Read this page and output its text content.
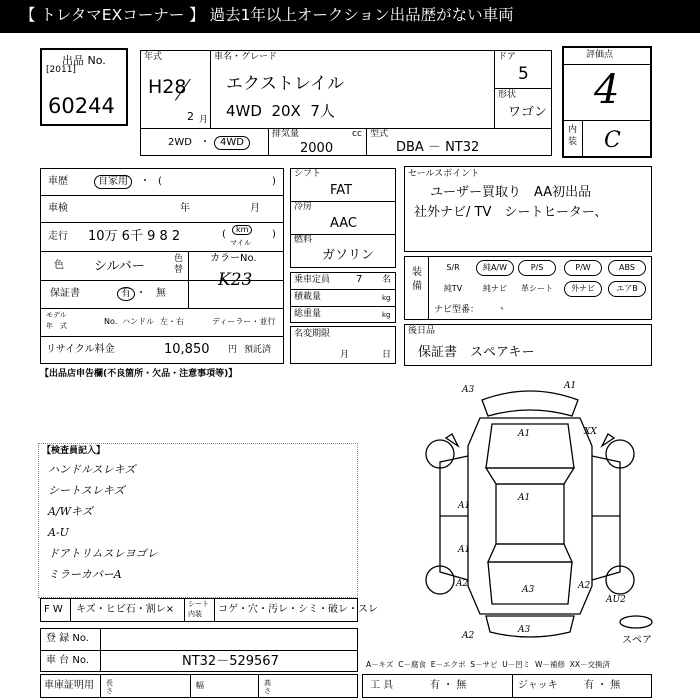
【 トレタマEXコーナー 】 過去1年以上オークション出品歴がない車両
出品 No.
[2011]
60244
年式
H28
2 月
車名・グレード
エクストレイル
4WD  20X  7人
ドア
5
形状
ワゴン
2WD ・	4WD
排気量	cc
2000
型式
DBA － NT32
評価点
4
内装 C
車歴	自家用	・ (	)
車検	年	月
走行 10万 6千 9 8 2	km
マイル
(	)
色 シルバー	色替
カラーNo.
K23
保証書	有 ・ 無
モデル
年　式	No. ハンドル 左・右	ディーラー・並行
リサイクル料金	10,850 円 預託済
シフト
FAT
冷房
AAC
燃料
ガソリン
乗車定員	7 名
積載量	kg
総重量	kg
名変期限
月	日
セールスポイント
ユーザー買取り　AA初出品
社外ナビ/ TV　シートヒーター、
装備
S/R	純A/W	P/S	P/W	ABS
純TV	純ナビ	革シート	外ナビ	エアB
ナビ型番： 、
後日品
保証書　スペアキー
【出品店申告欄(不良箇所・欠品・注意事項等)】
【検査員記入】
ハンドルスレキズ
シートスレキズ
A/Wキズ
A-U
ドアトリムスレヨゴレ
ミラーカバーA
F W キズ・ヒビ石・割レ× シート
内装 コゲ・穴・汚レ・シミ・破レ・スレ
登 録 No.
車 台 No.	NT32－529567
車庫証明用 長さ
幅	高さ
A3	A1
XX
A1
A1
A1
A1
A2
A3	A2
AU2
A2
A3
スペア
A－キズ  C－腐食  E－エクボ  S－サビ  U－凹ミ  W－補修  XX－交換済
工 具	有 ・ 無	ジャッキ	有 ・ 無
